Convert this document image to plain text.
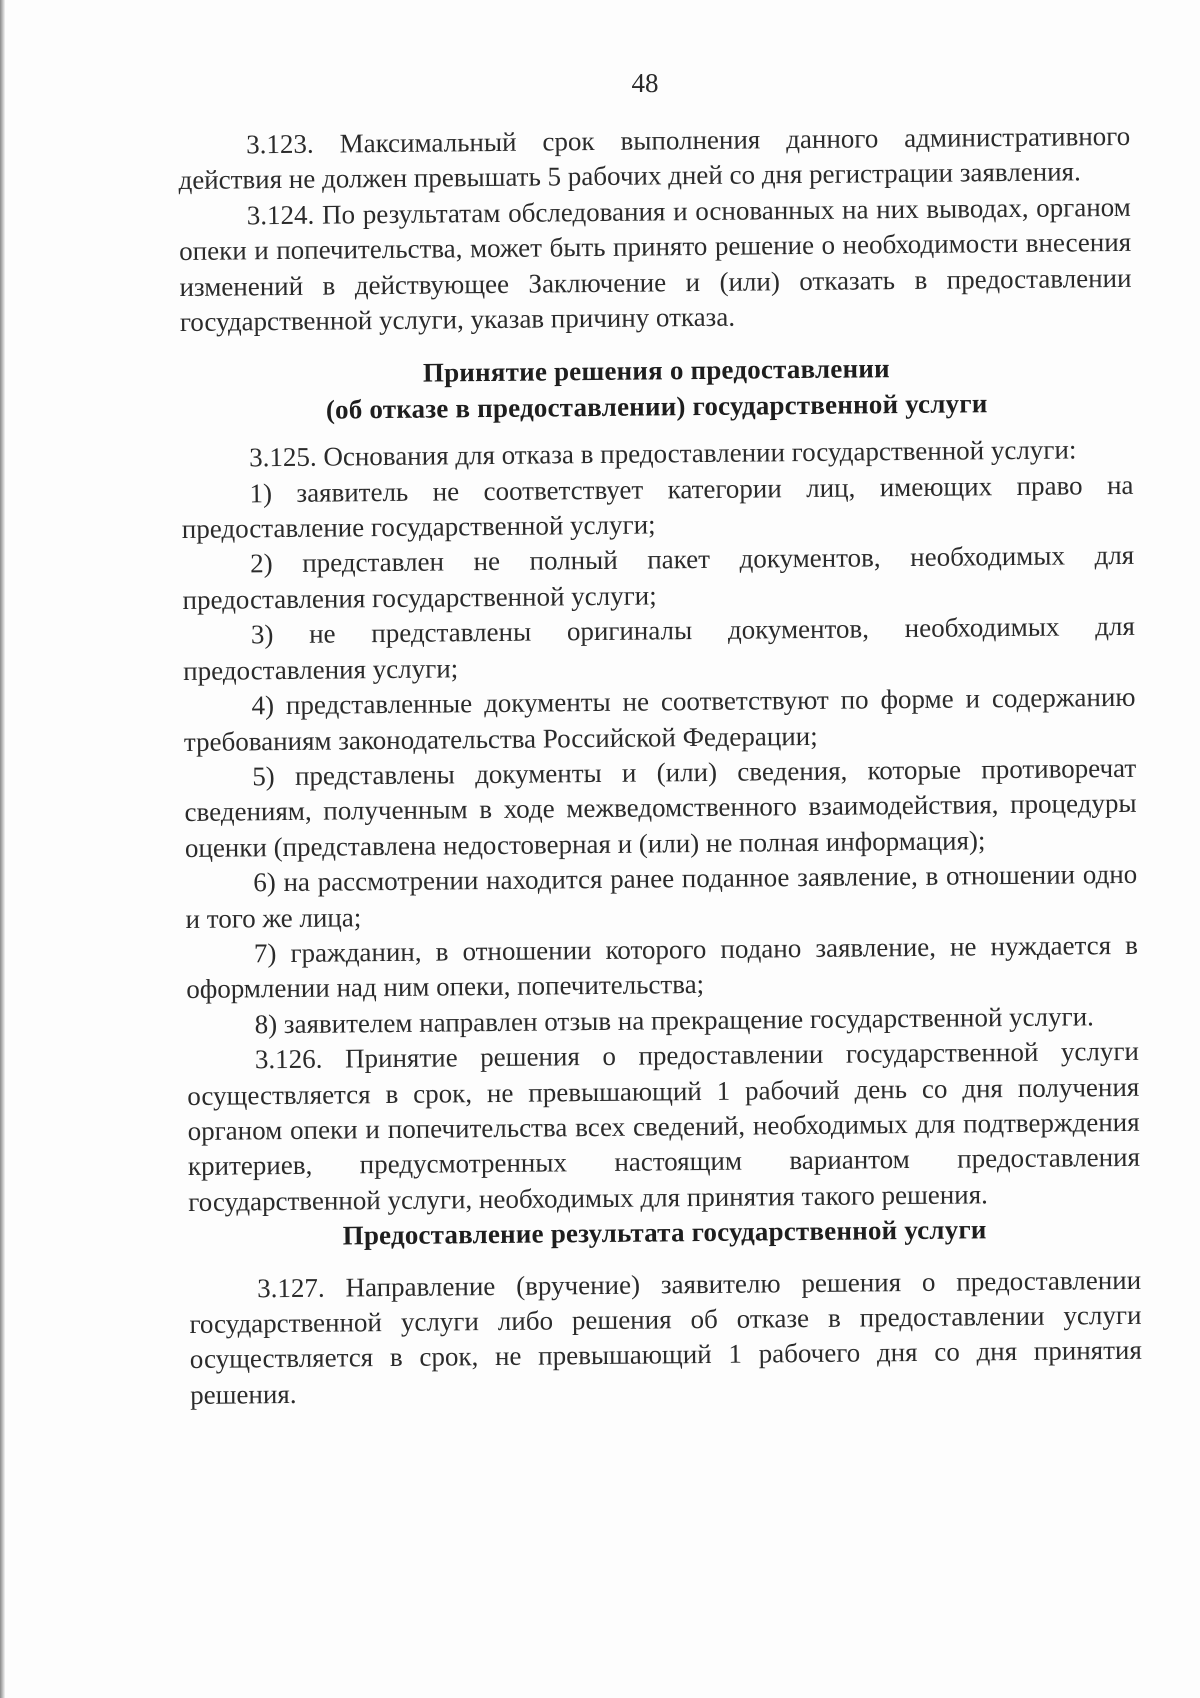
48

3.123. Максимальный срок выполнения данного административного действия не должен превышать 5 рабочих дней со дня регистрации заявления.

3.124. По результатам обследования и основанных на них выводах, органом опеки и попечительства, может быть принято решение о необходимости внесения изменений в действующее Заключение и (или) отказать в предоставлении государственной услуги, указав причину отказа.

Принятие решения о предоставлении
(об отказе в предоставлении) государственной услуги

3.125. Основания для отказа в предоставлении государственной услуги:

1) заявитель не соответствует категории лиц, имеющих право на предоставление государственной услуги;

2) представлен не полный пакет документов, необходимых для предоставления государственной услуги;

3) не представлены оригиналы документов, необходимых для предоставления услуги;

4) представленные документы не соответствуют по форме и содержанию требованиям законодательства Российской Федерации;

5) представлены документы и (или) сведения, которые противоречат сведениям, полученным в ходе межведомственного взаимодействия, процедуры оценки (представлена недостоверная и (или) не полная информация);

6) на рассмотрении находится ранее поданное заявление, в отношении одно и того же лица;

7) гражданин, в отношении которого подано заявление, не нуждается в оформлении над ним опеки, попечительства;

8) заявителем направлен отзыв на прекращение государственной услуги.

3.126. Принятие решения о предоставлении государственной услуги осуществляется в срок, не превышающий 1 рабочий день со дня получения органом опеки и попечительства всех сведений, необходимых для подтверждения критериев, предусмотренных настоящим вариантом предоставления государственной услуги, необходимых для принятия такого решения.

Предоставление результата государственной услуги

3.127. Направление (вручение) заявителю решения о предоставлении государственной услуги либо решения об отказе в предоставлении услуги осуществляется в срок, не превышающий 1 рабочего дня со дня принятия решения.
